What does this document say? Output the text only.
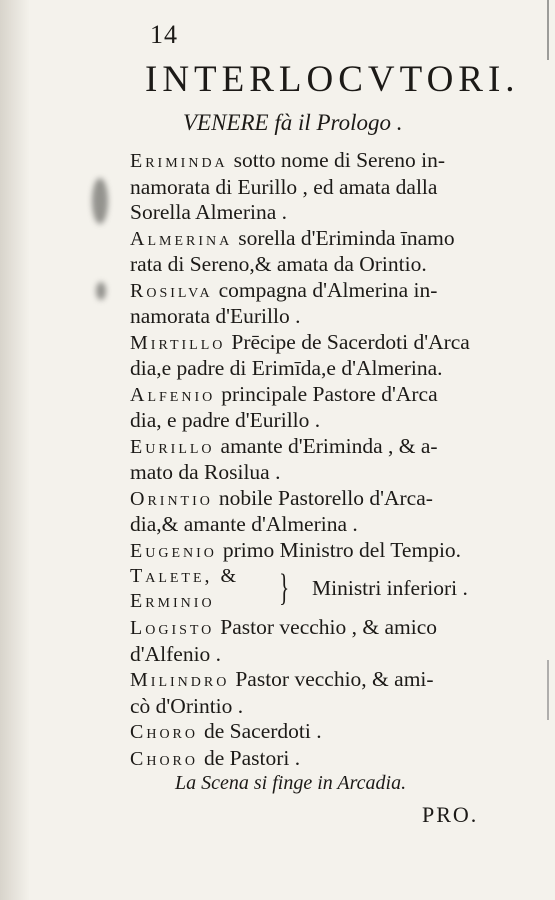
14
INTERLOCVTORI.
VENERE fà il Prologo .
Eriminda sotto nome di Sereno in-
namorata di Eurillo , ed amata dalla
Sorella Almerina .
Almerina sorella d'Eriminda īnamo
rata di Sereno,& amata da Orintio.
Rosilva compagna d'Almerina in-
namorata d'Eurillo .
Mirtillo Prēcipe de Sacerdoti d'Arca
dia,e padre di Erimīda,e d'Almerina.
Alfenio principale Pastore d'Arca
dia, e padre d'Eurillo .
Eurillo amante d'Eriminda , & a-
mato da Rosilua .
Orintio nobile Pastorello d'Arca-
dia,& amante d'Almerina .
Eugenio primo Ministro del Tempio.
Talete, &
Erminio } Ministri inferiori .
Logisto Pastor vecchio , & amico
d'Alfenio .
Milindro Pastor vecchio, & ami-
cò d'Orintio .
Choro de Sacerdoti .
Choro de Pastori .
La Scena si finge in Arcadia.
PRO.
